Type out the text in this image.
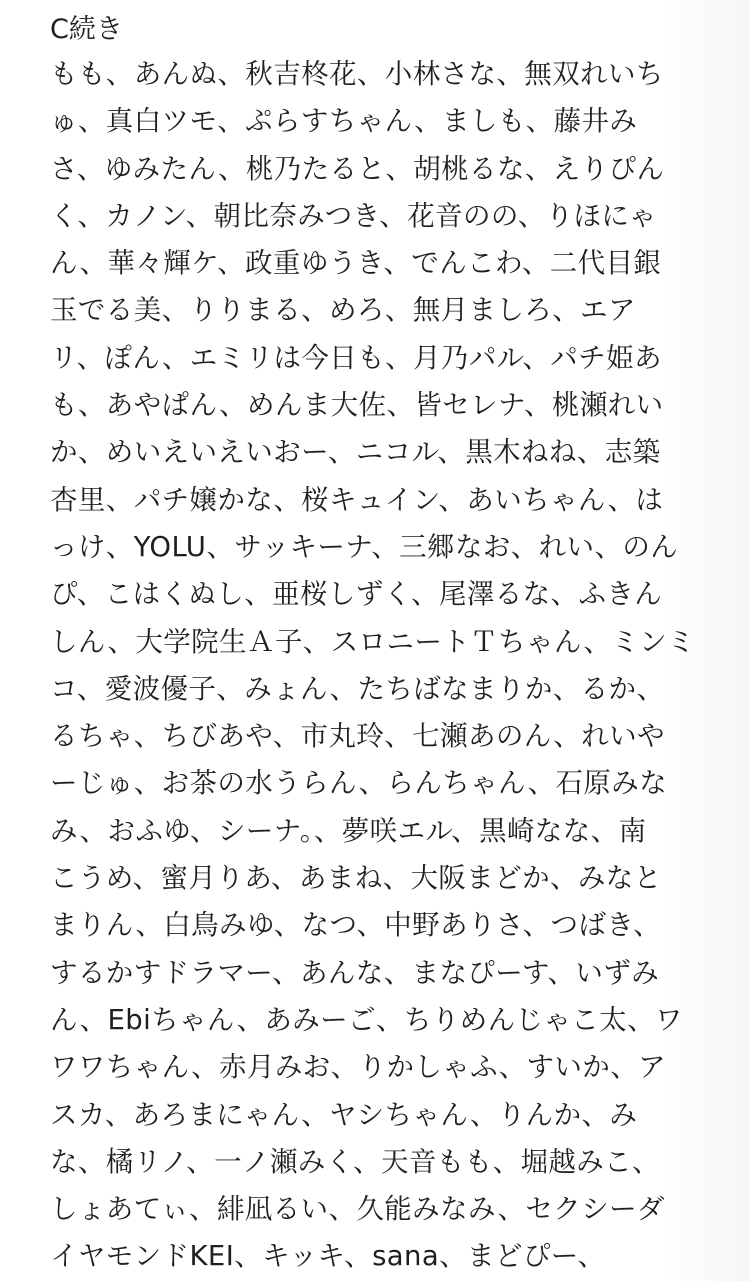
C続き
もも、あんぬ、秋吉柊花、小林さな、無双れいち
ゅ、真白ツモ、ぷらすちゃん、ましも、藤井み
さ、ゆみたん、桃乃たると、胡桃るな、えりぴん
く、カノン、朝比奈みつき、花音のの、りほにゃ
ん、華々輝ケ、政重ゆうき、でんこわ、二代目銀
玉でる美、りりまる、めろ、無月ましろ、エア
リ、ぽん、エミリは今日も、月乃パル、パチ姫あ
も、あやぱん、めんま大佐、皆セレナ、桃瀬れい
か、めいえいえいおー、ニコル、黒木ねね、志築
杏里、パチ嬢かな、桜キュイン、あいちゃん、は
っけ、YOLU、サッキーナ、三郷なお、れい、のん
ぴ、こはくぬし、亜桜しずく、尾澤るな、ふきん
しん、大学院生Ａ子、スロニートＴちゃん、ミンミ
コ、愛波優子、みょん、たちばなまりか、るか、
るちゃ、ちびあや、市丸玲、七瀬あのん、れいや
ーじゅ、お茶の水うらん、らんちゃん、石原みな
み、おふゆ、シーナ。、夢咲エル、黒崎なな、南
こうめ、蜜月りあ、あまね、大阪まどか、みなと
まりん、白鳥みゆ、なつ、中野ありさ、つばき、
するかすドラマー、あんな、まなぴーす、いずみ
ん、Ebiちゃん、あみーご、ちりめんじゃこ太、ワ
ワワちゃん、赤月みお、りかしゃふ、すいか、ア
スカ、あろまにゃん、ヤシちゃん、りんか、み
な、橘リノ、一ノ瀬みく、天音もも、堀越みこ、
しょあてぃ、緋凪るい、久能みなみ、セクシーダ
イヤモンドKEI、キッキ、sana、まどぴー、
